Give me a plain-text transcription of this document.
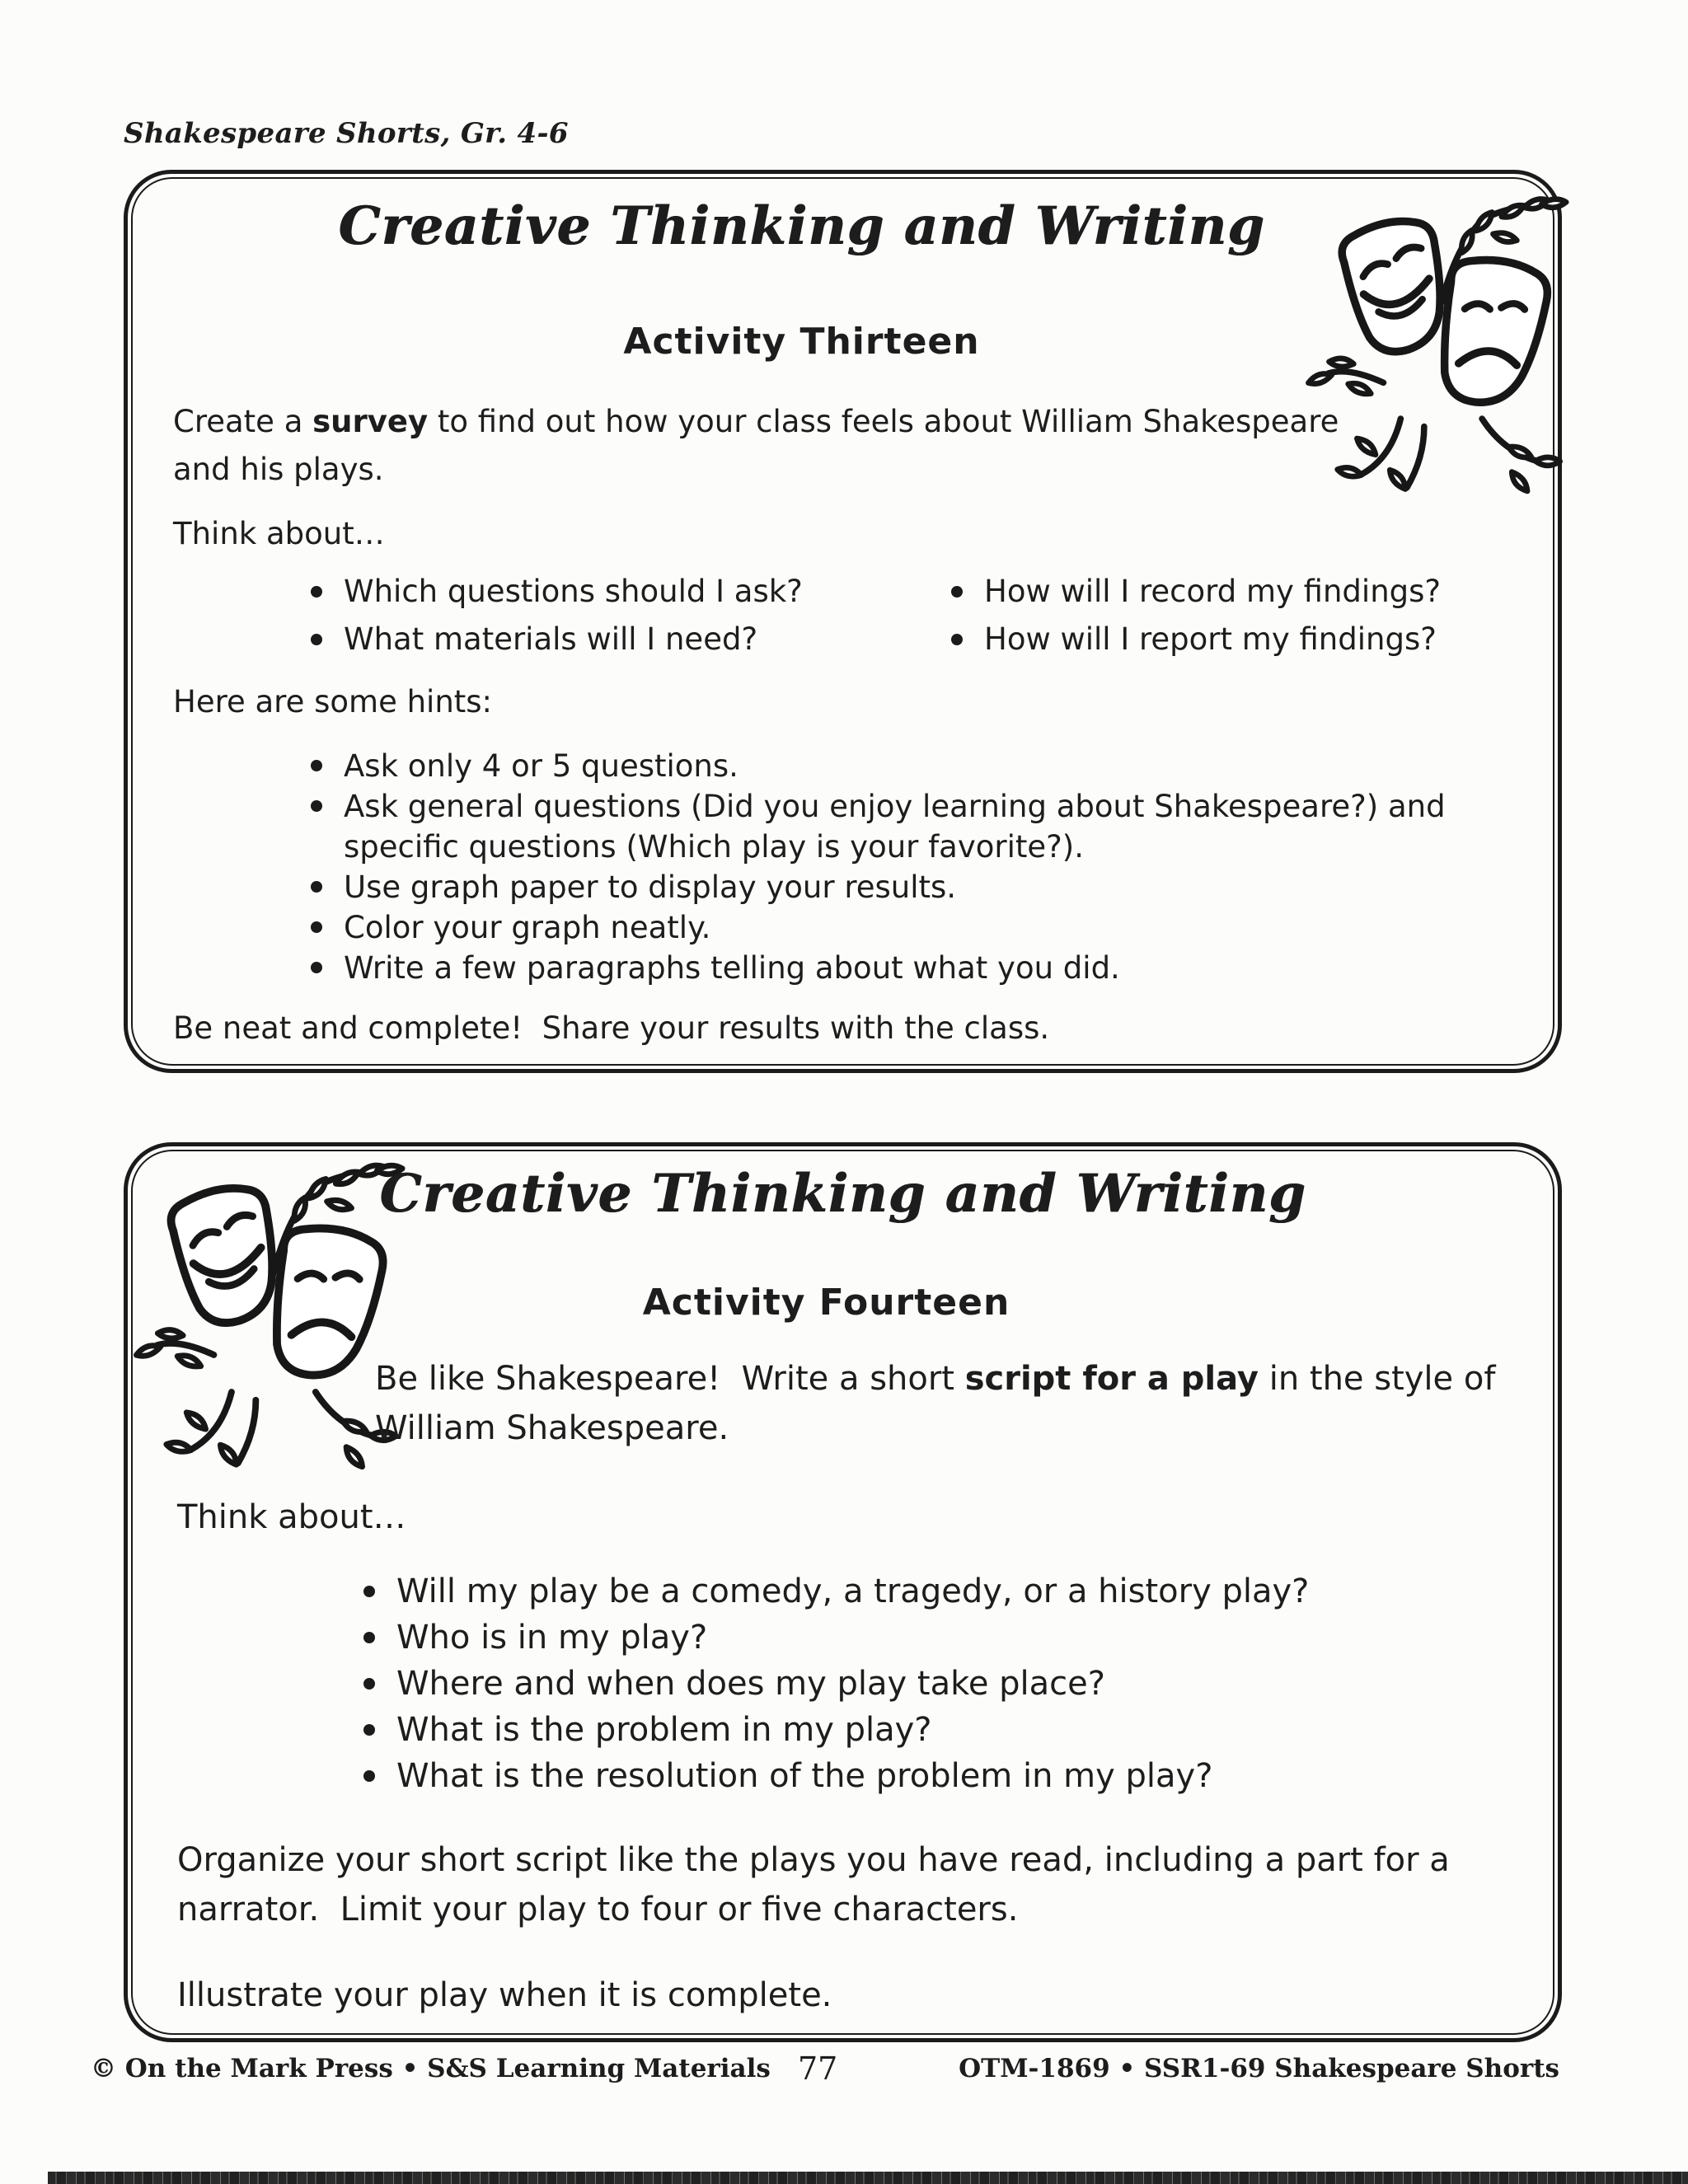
Shakespeare Shorts, Gr. 4-6
Creative Thinking and Writing
Activity Thirteen

Create a survey to find out how your class feels about William Shakespeare and his plays.

Think about…

Which questions should I ask?
What materials will I need?
How will I record my findings?
How will I report my findings?

Here are some hints:

Ask only 4 or 5 questions.
Ask general questions (Did you enjoy learning about Shakespeare?) and specific questions (Which play is your favorite?).
Use graph paper to display your results.
Color your graph neatly.
Write a few paragraphs telling about what you did.

Be neat and complete!  Share your results with the class.

Creative Thinking and Writing
Activity Fourteen

Be like Shakespeare!  Write a short script for a play in the style of William Shakespeare.

Think about…

Will my play be a comedy, a tragedy, or a history play?
Who is in my play?
Where and when does my play take place?
What is the problem in my play?
What is the resolution of the problem in my play?

Organize your short script like the plays you have read, including a part for a narrator.  Limit your play to four or five characters.

Illustrate your play when it is complete.

© On the Mark Press • S&S Learning Materials 77	OTM-1869 • SSR1-69 Shakespeare Shorts
